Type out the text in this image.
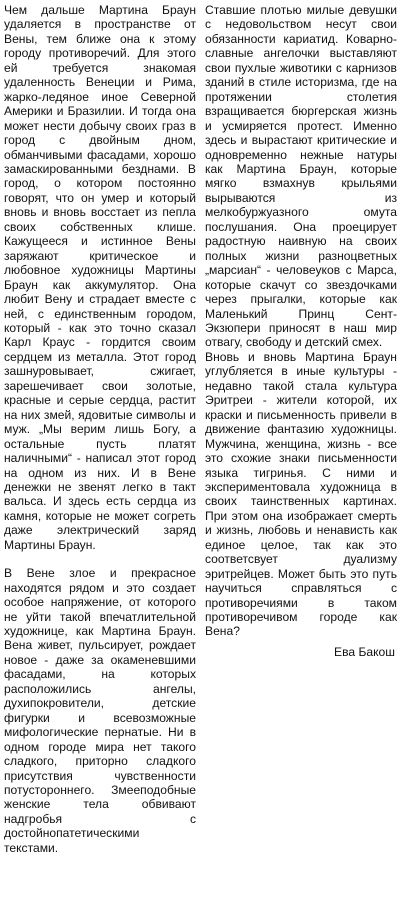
Чем дальше Мартина Браун удаляется в пространстве от Вены, тем ближе она к этому городу противоречий. Для этого ей требуется знакомая удаленность Венеции и Рима, жарко-ледяное иное Северной Америки и Бразилии. И тогда она может нести добычу своих граз в город с двойным дном, обманчивыми фасадами, хорошо замаскированными безднами. В город, о котором постоянно говорят, что он умер и который вновь и вновь восстает из пепла своих собственных клише. Кажущееся и истинное Вены заряжают критическое и любовное художницы Мартины Браун как аккумулятор. Она любит Вену и страдает вместе с ней, с единственным городом, который - как это точно сказал Карл Краус - гордится своим сердцем из металла. Этот город зашнуровывает, сжигает, зарешечивает свои золотые, красные и серые сердца, растит на них змей, ядовитые символы и муж. „Мы верим лишь Богу, а остальные пусть платят наличными“ - написал этот город на одном из них. И в Вене денежки не звенят легко в такт вальса. И здесь есть сердца из камня, которые не может согреть даже электрический заряд Мартины Браун.

В Вене злое и прекрасное находятся рядом и это создает особое напряжение, от которого не уйти такой впечатлительной художнице, как Мартина Браун. Вена живет, пульсирует, рождает новое - даже за окаменевшими фасадами, на которых расположились ангелы, духипокровители, детские фигурки и всевозможные мифологические пернатые. Ни в одном городе мира нет такого сладкого, приторно сладкого присутствия чувственности потустороннего. Змееподобные женские тела обвивают надгробья с достойнопатетическими текстами.

Ставшие плотью милые девушки с недовольством несут свои обязанности кариатид. Коварно-славные ангелочки выставляют свои пухлые животики с карнизов зданий в стиле историзма, где на протяжении столетия взращивается бюргерская жизнь и усмиряется протест. Именно здесь и вырастают критические и одновременно нежные натуры как Мартина Браун, которые мягко взмахнув крыльями вырываются из мелкобуржуазного омута послушания. Она проецирует радостную наивную на своих полных жизни разноцветных „марсиан“ - человеуков с Марса, которые скачут со звездочками через прыгалки, которые как Маленький Принц Сент-Экзюпери приносят в наш мир отвагу, свободу и детский смех.

Вновь и вновь Мартина Браун углубляется в иные культуры - недавно такой стала культура Эритреи - жители которой, их краски и письменность привели в движение фантазию художницы. Мужчина, женщина, жизнь - все это схожие знаки письменности языка тигринья. С ними и экспериментовала художница в своих таинственных картинах. При этом она изображает смерть и жизнь, любовь и ненависть как единое целое, так как это соответсвует дуализму эритрейцев. Может быть это путь научиться справляться с противоречиями в таком противоречивом городе как Вена?

Ева Бакош
